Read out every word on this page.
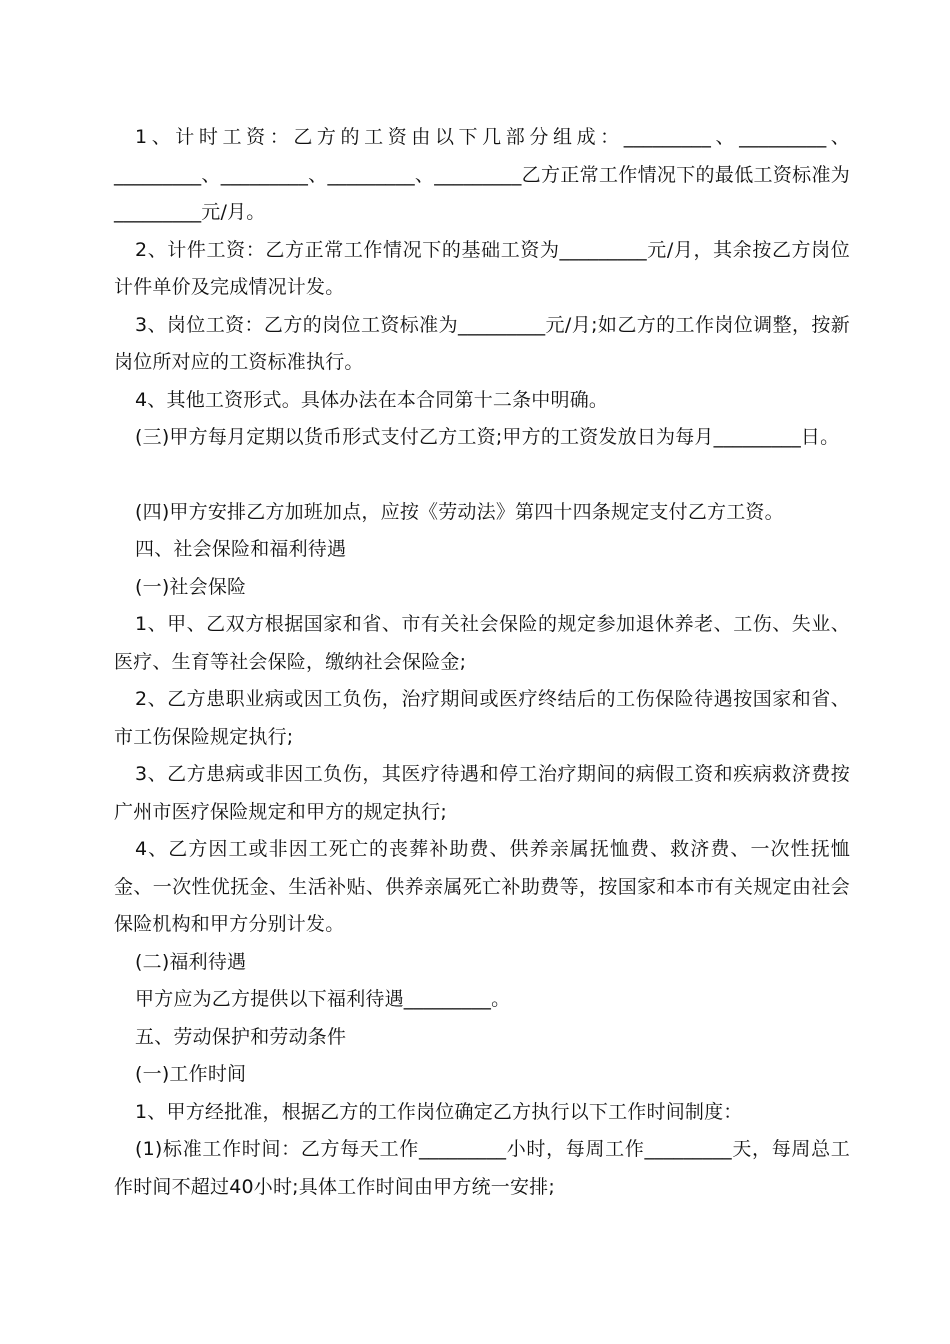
1、计时工资：乙方的工资由以下几部分组成：_________、_________、_________、_________、_________、_________乙方正常工作情况下的最低工资标准为_________元/月。

2、计件工资：乙方正常工作情况下的基础工资为_________元/月，其余按乙方岗位计件单价及完成情况计发。

3、岗位工资：乙方的岗位工资标准为_________元/月;如乙方的工作岗位调整，按新岗位所对应的工资标准执行。

4、其他工资形式。具体办法在本合同第十二条中明确。

(三)甲方每月定期以货币形式支付乙方工资;甲方的工资发放日为每月_________日。

(四)甲方安排乙方加班加点，应按《劳动法》第四十四条规定支付乙方工资。

四、社会保险和福利待遇

(一)社会保险

1、甲、乙双方根据国家和省、市有关社会保险的规定参加退休养老、工伤、失业、医疗、生育等社会保险，缴纳社会保险金;

2、乙方患职业病或因工负伤，治疗期间或医疗终结后的工伤保险待遇按国家和省、市工伤保险规定执行;

3、乙方患病或非因工负伤，其医疗待遇和停工治疗期间的病假工资和疾病救济费按广州市医疗保险规定和甲方的规定执行;

4、乙方因工或非因工死亡的丧葬补助费、供养亲属抚恤费、救济费、一次性抚恤金、一次性优抚金、生活补贴、供养亲属死亡补助费等，按国家和本市有关规定由社会保险机构和甲方分别计发。

(二)福利待遇

甲方应为乙方提供以下福利待遇_________。

五、劳动保护和劳动条件

(一)工作时间

1、甲方经批准，根据乙方的工作岗位确定乙方执行以下工作时间制度：

(1)标准工作时间：乙方每天工作_________小时，每周工作_________天，每周总工作时间不超过40小时;具体工作时间由甲方统一安排;
